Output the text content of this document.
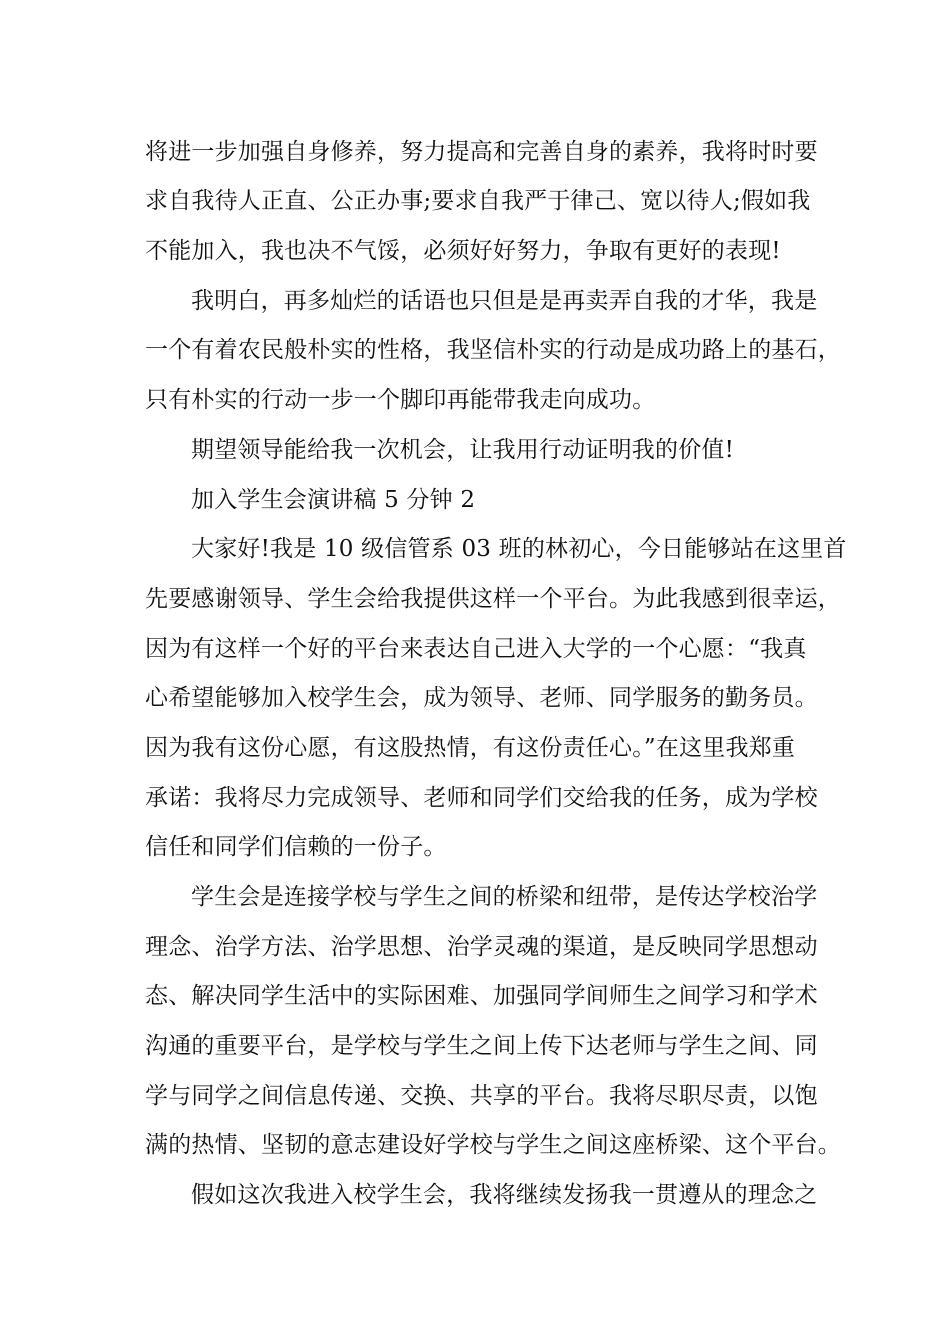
将进一步加强自身修养，努力提高和完善自身的素养，我将时时要
求自我待人正直、公正办事;要求自我严于律己、宽以待人;假如我
不能加入，我也决不气馁，必须好好努力，争取有更好的表现!
我明白，再多灿烂的话语也只但是是再卖弄自我的才华，我是
一个有着农民般朴实的性格，我坚信朴实的行动是成功路上的基石，
只有朴实的行动一步一个脚印再能带我走向成功。
期望领导能给我一次机会，让我用行动证明我的价值!
加入学生会演讲稿 5 分钟 2
大家好!我是 10 级信管系 03 班的林初心，今日能够站在这里首
先要感谢领导、学生会给我提供这样一个平台。为此我感到很幸运，
因为有这样一个好的平台来表达自己进入大学的一个心愿：“我真
心希望能够加入校学生会，成为领导、老师、同学服务的勤务员。
因为我有这份心愿，有这股热情，有这份责任心。”在这里我郑重
承诺：我将尽力完成领导、老师和同学们交给我的任务，成为学校
信任和同学们信赖的一份子。
学生会是连接学校与学生之间的桥梁和纽带，是传达学校治学
理念、治学方法、治学思想、治学灵魂的渠道，是反映同学思想动
态、解决同学生活中的实际困难、加强同学间师生之间学习和学术
沟通的重要平台，是学校与学生之间上传下达老师与学生之间、同
学与同学之间信息传递、交换、共享的平台。我将尽职尽责，以饱
满的热情、坚韧的意志建设好学校与学生之间这座桥梁、这个平台。
假如这次我进入校学生会，我将继续发扬我一贯遵从的理念之
